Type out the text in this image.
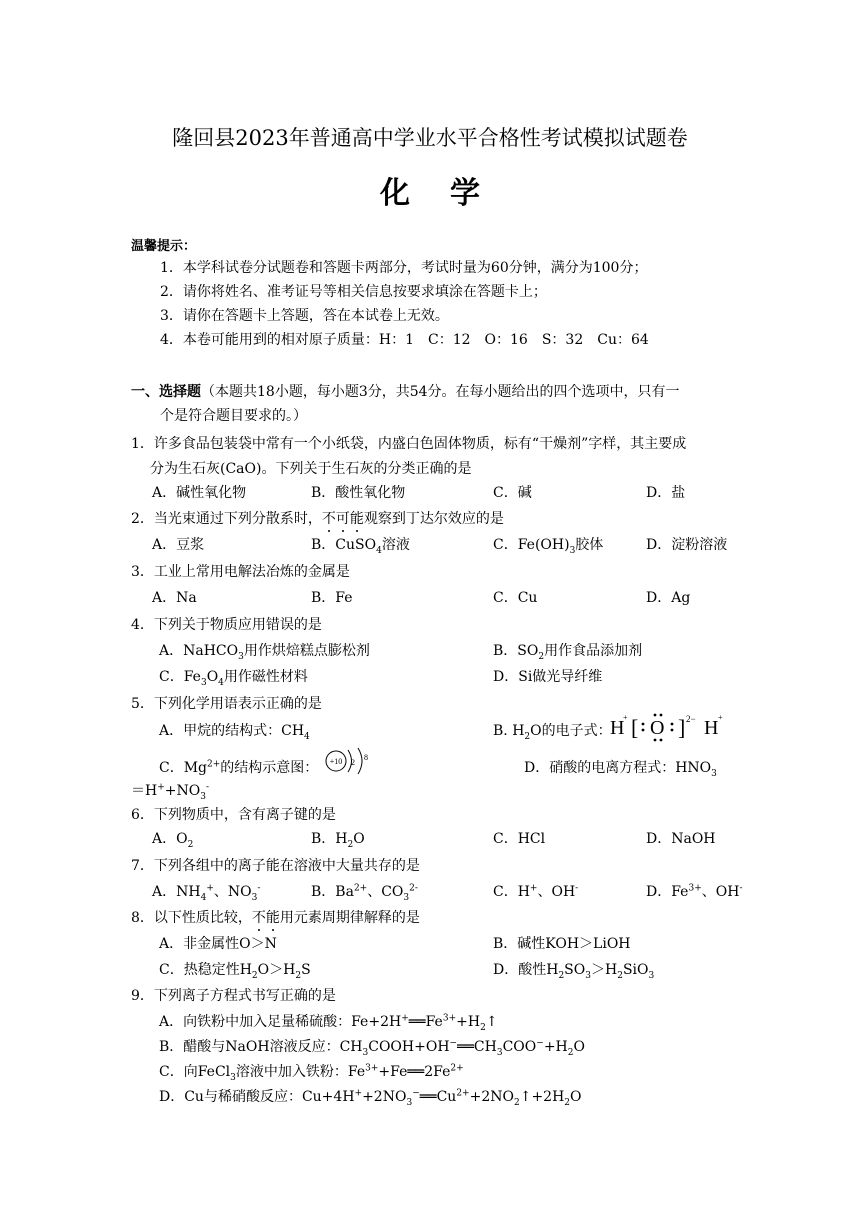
隆回县2023年普通高中学业水平合格性考试模拟试题卷
化学
温馨提示：
1．本学科试卷分试题卷和答题卡两部分，考试时量为60分钟，满分为100分；
2．请你将姓名、准考证号等相关信息按要求填涂在答题卡上；
3．请你在答题卡上答题，答在本试卷上无效。
4．本卷可能用到的相对原子质量：H：1　C：12　O：16　S：32　Cu：64
一、选择题（本题共18小题，每小题3分，共54分。在每小题给出的四个选项中，只有一
个是符合题目要求的。）
1．许多食品包装袋中常有一个小纸袋，内盛白色固体物质，标有“干燥剂”字样，其主要成
分为生石灰(CaO)。下列关于生石灰的分类正确的是
A．碱性氧化物	B．酸性氧化物	C．碱	D．盐
2．当光束通过下列分散系时，不可能观察到丁达尔效应的是
A．豆浆	B．CuSO$_4$溶液	C．$Fe(OH)_3$胶体	D．淀粉溶液
3．工业上常用电解法冶炼的金属是
A．Na	B．Fe	C．Cu	D．Ag
4．下列关于物质应用错误的是
A．NaHCO$_3$用作烘焙糕点膨松剂	B．$SO_2$用作食品添加剂
C．$Fe_3O_4$用作磁性材料	D．Si做光导纤维
5．下列化学用语表示正确的是
A．甲烷的结构式：$CH_4$	B. $H_2O$的电子式：
H
+ [ O ] 2− H +
C．$Mg^{2+}$的结构示意图： +10 2
8
D．硝酸的电离方程式：$HNO_3$
$=H^++NO_3^-$
6．下列物质中，含有离子键的是
A．$O_2$	B．$H_2O$	C．HCl	D．NaOH
7．下列各组中的离子能在溶液中大量共存的是
A．$NH_4^+$、$NO_3^-$	B．$Ba^{2+}$、$CO_3^{2-}$	C．H+、OH-	D．$Fe^{3+}$、OH-
8．以下性质比较，不能用元素周期律解释的是
A．非金属性O＞N	B．碱性KOH＞LiOH
C．热稳定性$H_2O>H_2S$	D．酸性$H_2SO_3>H_2SiO_3$
9．下列离子方程式书写正确的是
A．向铁粉中加入足量稀硫酸：$Fe+2H^+══Fe^{3+}+H_2↑$
B．醋酸与NaOH溶液反应：$CH_3COOH+OH^-══CH_3COO^-+H_2O$
C．向FeCl$_3$溶液中加入铁粉：$Fe^{3+}+Fe══2Fe^{2+}$
D．Cu与稀硝酸反应：$Cu+4H^++2NO_3^-══Cu^{2+}+2NO_2↑+2H_2O$
